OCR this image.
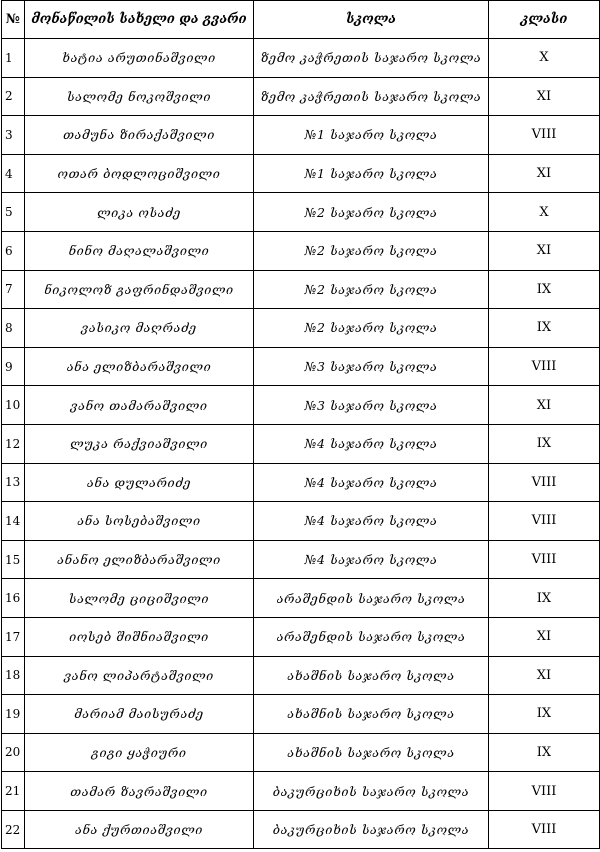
№	მონაწილის სახელი და გვარი	სკოლა	კლასი
1	ხატია არუთინაშვილი	ზემო კაჭრეთის საჯარო სკოლა	X
2	სალომე ნოკოშვილი	ზემო კაჭრეთის საჯარო სკოლა	XI
3	თამუნა ზირაქაშვილი	№1 საჯარო სკოლა	VIII
4	ოთარ ბოდლოციშვილი	№1 საჯარო სკოლა	XI
5	ლიკა ოსაძე	№2 საჯარო სკოლა	X
6	ნინო მაღალაშვილი	№2 საჯარო სკოლა	XI
7	ნიკოლოზ გაფრინდაშვილი	№2 საჯარო სკოლა	IX
8	ვასიკო მაღრაძე	№2 საჯარო სკოლა	IX
9	ანა ელიზბარაშვილი	№3 საჯარო სკოლა	VIII
10	ვანო თამარაშვილი	№3 საჯარო სკოლა	XI
12	ლუკა რაქვიაშვილი	№4 საჯარო სკოლა	IX
13	ანა დულარიძე	№4 საჯარო სკოლა	VIII
14	ანა სოსებაშვილი	№4 საჯარო სკოლა	VIII
15	ანანო ელიზბარაშვილი	№4 საჯარო სკოლა	VIII
16	სალომე ციციშვილი	არაშენდის საჯარო სკოლა	IX
17	იოსებ შიშნიაშვილი	არაშენდის საჯარო სკოლა	XI
18	ვანო ლიპარტაშვილი	ახაშნის საჯარო სკოლა	XI
19	მარიამ მაისურაძე	ახაშნის საჯარო სკოლა	IX
20	გიგი ყაჭიური	ახაშნის საჯარო სკოლა	IX
21	თამარ ზავრაშვილი	ბაკურციხის საჯარო სკოლა	VIII
22	ანა ქურთიაშვილი	ბაკურციხის საჯარო სკოლა	VIII
